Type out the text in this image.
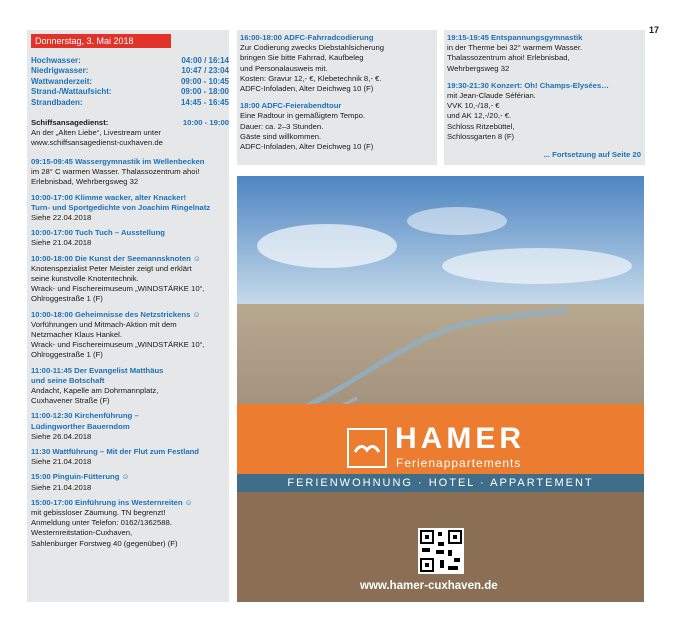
17
Donnerstag, 3. Mai 2018
Hochwasser:	04:00 / 16:14
Niedrigwasser:	10:47 / 23:04
Wattwanderzeit:	09:00 - 10:45
Strand-/Wattaufsicht:	09:00 - 18:00
Strandbaden:	14:45 - 16:45
Schiffsansagedienst:	10:00 - 19:00
An der „Alten Liebe“, Livestream unter
www.schiffsansagedienst-cuxhaven.de
09:15-09:45 Wassergymnastik im Wellenbecken
im 28° C warmen Wasser. Thalassozentrum ahoi!
Erlebnisbad, Wehrbergsweg 32
10:00-17:00 Klimme wacker, alter Knacker!
Turn- und Sportgedichte von Joachim Ringelnatz
Siehe 22.04.2018
10:00-17:00 Tuch Tuch – Ausstellung
Siehe 21.04.2018
10:00-18:00 Die Kunst der Seemannsknoten ☺
Knotenspezialist Peter Meister zeigt und erklärt
seine kunstvolle Knotentechnik.
Wrack- und Fischereimuseum „WINDSTÄRKE 10“,
Ohlroggestraße 1 (F)
10:00-18:00 Geheimnisse des Netzstrickens ☺
Vorführungen und Mitmach-Aktion mit dem
Netzmacher Klaus Hankel.
Wrack- und Fischereimuseum „WINDSTÄRKE 10“,
Ohlroggestraße 1 (F)
11:00-11:45 Der Evangelist Matthäus
und seine Botschaft
Andacht, Kapelle am Dohrmannplatz,
Cuxhavener Straße (F)
11:00-12:30 Kirchenführung –
Lüdingworther Bauerndom
Siehe 26.04.2018
11:30 Wattführung – Mit der Flut zum Festland
Siehe 21.04.2018
15:00 Pinguin-Fütterung ☺
Siehe 21.04.2018
15:00-17:00 Einführung ins Westernreiten ☺
mit gebissloser Zäumung. TN begrenzt!
Anmeldung unter Telefon: 0162/1362588.
Westernreitstation-Cuxhaven,
Sahlenburger Forstweg 40 (gegenüber) (F)
16:00-18:00 ADFC-Fahrradcodierung
Zur Codierung zwecks Diebstahlsicherung
bringen Sie bitte Fahrrad, Kaufbeleg
und Personalausweis mit.
Kosten: Gravur 12,- €, Klebetechnik 8,- €.
ADFC-Infoladen, Alter Deichweg 10 (F)
18:00 ADFC-Feierabendtour
Eine Radtour in gemäßigtem Tempo.
Dauer: ca. 2–3 Stunden.
Gäste sind willkommen.
ADFC-Infoladen, Alter Deichweg 10 (F)
... Fortsetzung auf Seite 20
19:15-19:45 Entspannungsgymnastik
in der Therme bei 32° warmem Wasser.
Thalassozentrum ahoi! Erlebnisbad,
Wehrbergsweg 32
19:30-21:30 Konzert: Oh! Champs-Elysées…
mit Jean-Claude Séférian.
VVK 10,-/18,- €
und AK 12,-/20,- €.
Schloss Ritzebüttel,
Schlossgarten 8 (F)
HAMER
Ferienappartements
FERIENWOHNUNG · HOTEL · APPARTEMENT
www.hamer-cuxhaven.de
